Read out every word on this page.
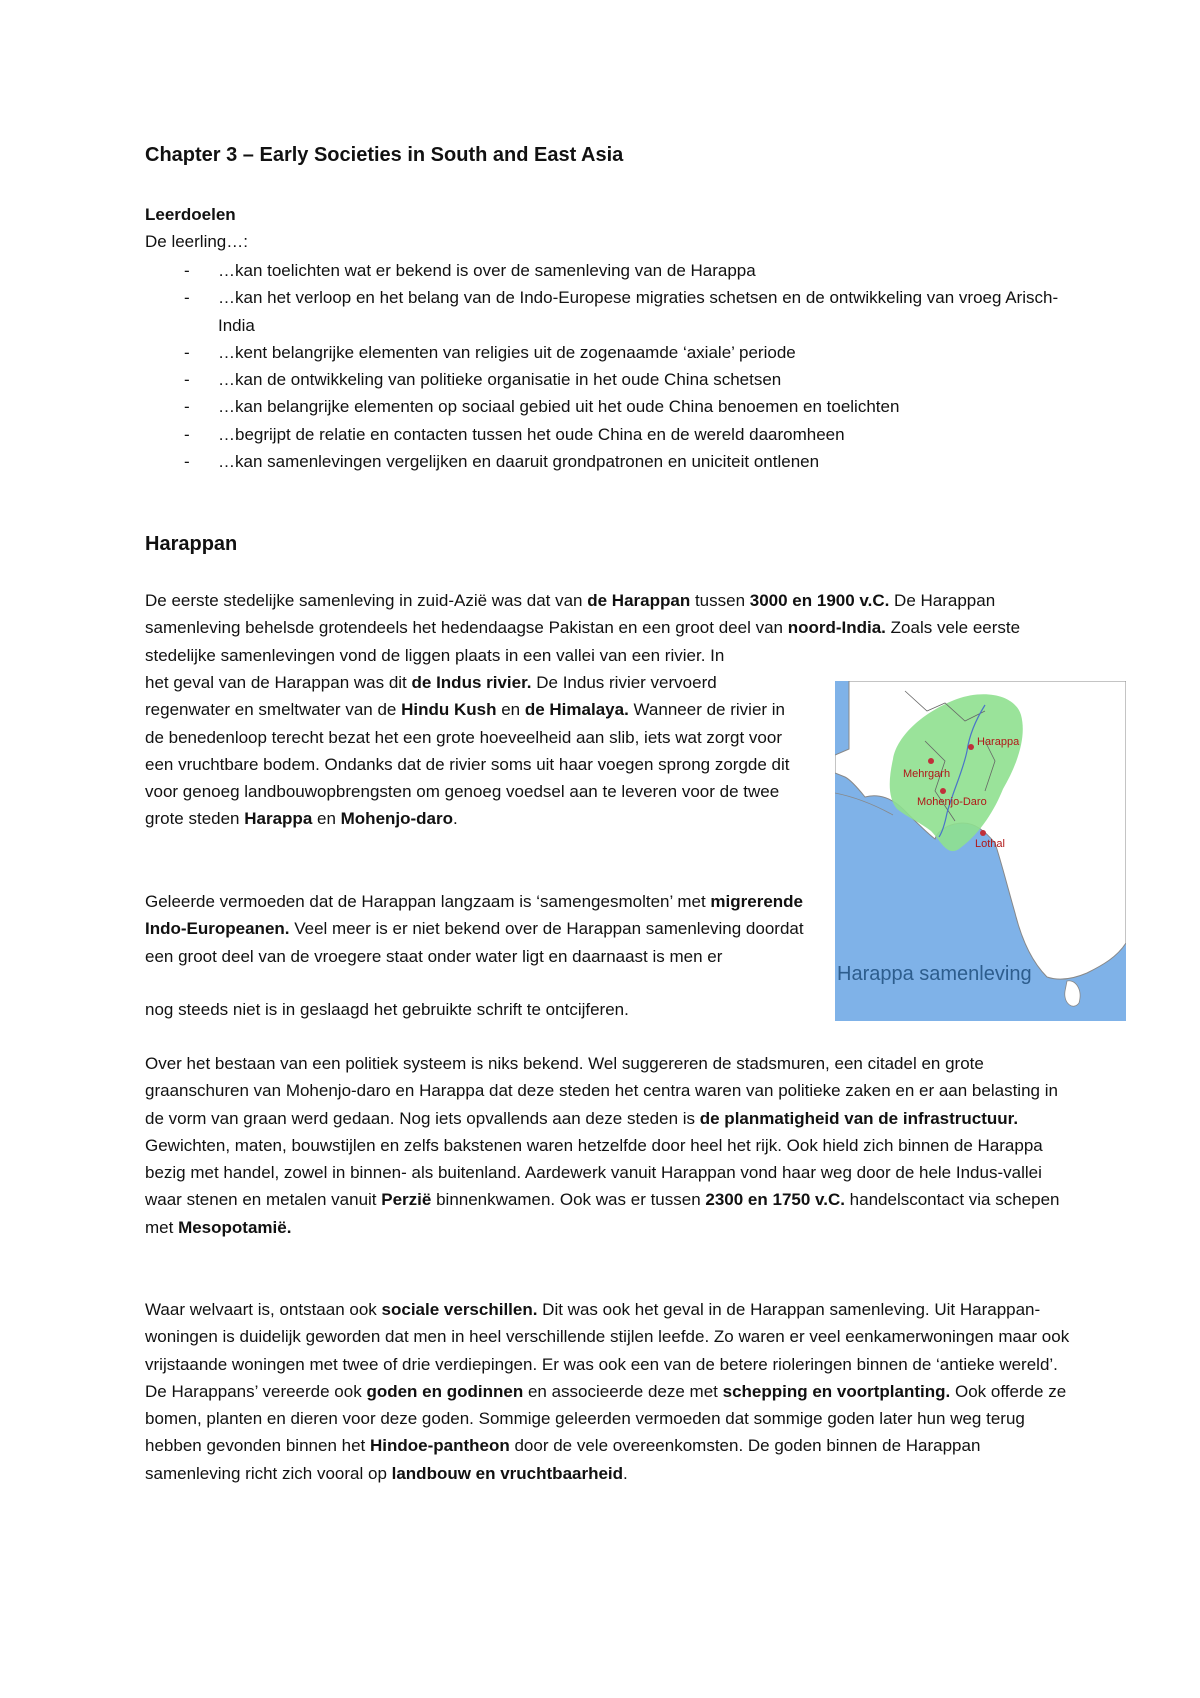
Chapter 3 – Early Societies in South and East Asia
Leerdoelen
De leerling…:
- …kan toelichten wat er bekend is over de samenleving van de Harappa
- …kan het verloop en het belang van de Indo-Europese migraties schetsen en de ontwikkeling van vroeg Arisch-India
- …kent belangrijke elementen van religies uit de zogenaamde ‘axiale’ periode
- …kan de ontwikkeling van politieke organisatie in het oude China schetsen
- …kan belangrijke elementen op sociaal gebied uit het oude China benoemen en toelichten
- …begrijpt de relatie en contacten tussen het oude China en de wereld daaromheen
- …kan samenlevingen vergelijken en daaruit grondpatronen en uniciteit ontlenen
Harappan

De eerste stedelijke samenleving in zuid-Azië was dat van de Harappan tussen 3000 en 1900 v.C. De Harappan samenleving behelsde grotendeels het hedendaagse Pakistan en een groot deel van noord-India. Zoals vele eerste stedelijke samenlevingen vond de liggen plaats in een vallei van een rivier. In

het geval van de Harappan was dit de Indus rivier. De Indus rivier vervoerd regenwater en smeltwater van de Hindu Kush en de Himalaya. Wanneer de rivier in de benedenloop terecht bezat het een grote hoeveelheid aan slib, iets wat zorgt voor een vruchtbare bodem. Ondanks dat de rivier soms uit haar voegen sprong zorgde dit voor genoeg landbouwopbrengsten om genoeg voedsel aan te leveren voor de twee grote steden Harappa en Mohenjo-daro.

Geleerde vermoeden dat de Harappan langzaam is ‘samengesmolten’ met migrerende Indo-Europeanen. Veel meer is er niet bekend over de Harappan samenleving doordat een groot deel van de vroegere staat onder water ligt en daarnaast is men er

nog steeds niet is in geslaagd het gebruikte schrift te ontcijferen.

Over het bestaan van een politiek systeem is niks bekend. Wel suggereren de stadsmuren, een citadel en grote graanschuren van Mohenjo-daro en Harappa dat deze steden het centra waren van politieke zaken en er aan belasting in de vorm van graan werd gedaan. Nog iets opvallends aan deze steden is de planmatigheid van de infrastructuur. Gewichten, maten, bouwstijlen en zelfs bakstenen waren hetzelfde door heel het rijk. Ook hield zich binnen de Harappa bezig met handel, zowel in binnen- als buitenland. Aardewerk vanuit Harappan vond haar weg door de hele Indus-vallei waar stenen en metalen vanuit Perzië binnenkwamen. Ook was er tussen 2300 en 1750 v.C. handelscontact via schepen met Mesopotamië.

Waar welvaart is, ontstaan ook sociale verschillen. Dit was ook het geval in de Harappan samenleving. Uit Harappan-woningen is duidelijk geworden dat men in heel verschillende stijlen leefde. Zo waren er veel eenkamerwoningen maar ook vrijstaande woningen met twee of drie verdiepingen. Er was ook een van de betere rioleringen binnen de ‘antieke wereld’. De Harappans’ vereerde ook goden en godinnen en associeerde deze met schepping en voortplanting. Ook offerde ze bomen, planten en dieren voor deze goden. Sommige geleerden vermoeden dat sommige goden later hun weg terug hebben gevonden binnen het Hindoe-pantheon door de vele overeenkomsten. De goden binnen de Harappan samenleving richt zich vooral op landbouw en vruchtbaarheid.

Harappa
Mehrgarh
Mohenjo-Daro
Lothal
Harappa samenleving
